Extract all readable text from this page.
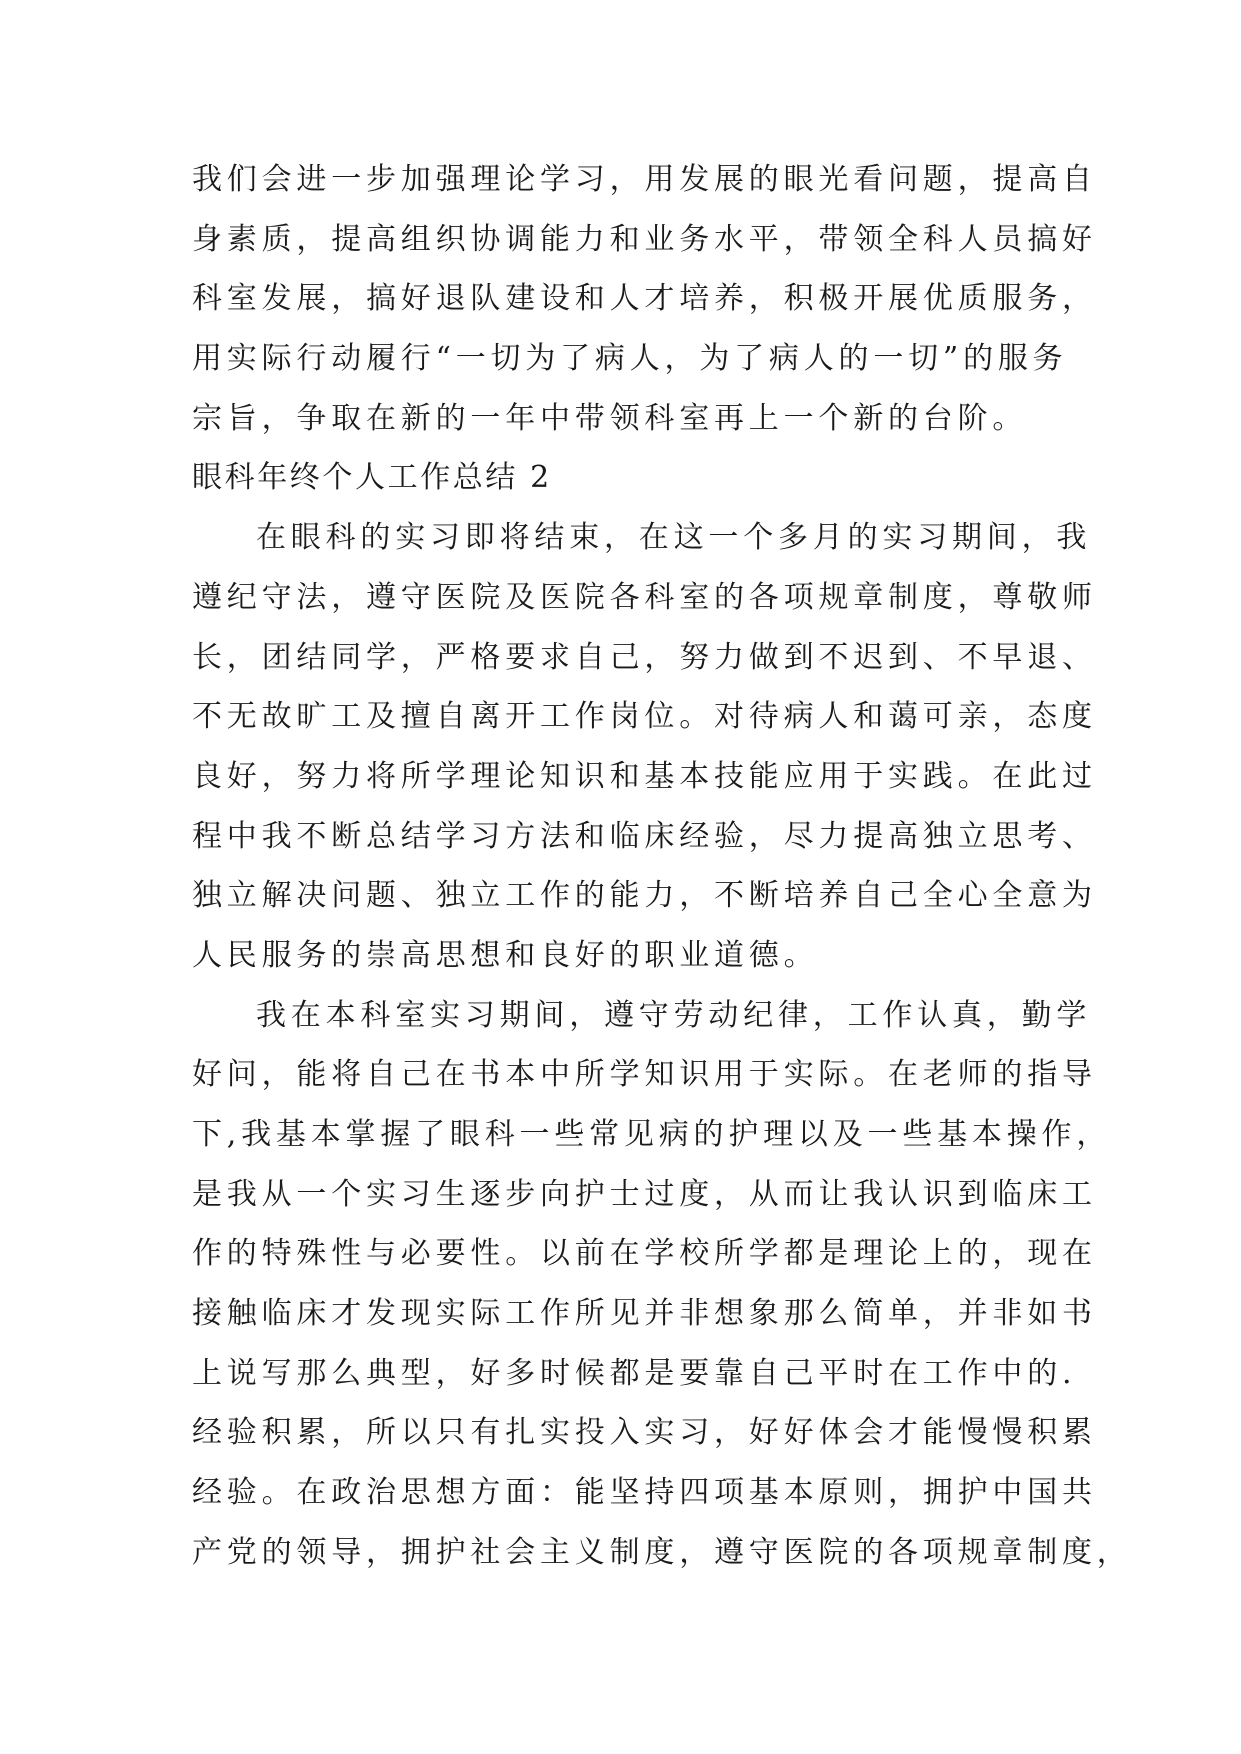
我们会进一步加强理论学习，用发展的眼光看问题，提高自
身素质，提高组织协调能力和业务水平，带领全科人员搞好
科室发展，搞好退队建设和人才培养，积极开展优质服务，
用实际行动履行“一切为了病人，为了病人的一切”的服务
宗旨，争取在新的一年中带领科室再上一个新的台阶。
眼科年终个人工作总结 2
在眼科的实习即将结束，在这一个多月的实习期间，我
遵纪守法，遵守医院及医院各科室的各项规章制度，尊敬师
长，团结同学，严格要求自己，努力做到不迟到、不早退、
不无故旷工及擅自离开工作岗位。对待病人和蔼可亲，态度
良好，努力将所学理论知识和基本技能应用于实践。在此过
程中我不断总结学习方法和临床经验，尽力提高独立思考、
独立解决问题、独立工作的能力，不断培养自己全心全意为
人民服务的崇高思想和良好的职业道德。
我在本科室实习期间，遵守劳动纪律，工作认真，勤学
好问，能将自己在书本中所学知识用于实际。在老师的指导
下,我基本掌握了眼科一些常见病的护理以及一些基本操作，
是我从一个实习生逐步向护士过度，从而让我认识到临床工
作的特殊性与必要性。以前在学校所学都是理论上的，现在
接触临床才发现实际工作所见并非想象那么简单，并非如书
上说写那么典型，好多时候都是要靠自己平时在工作中的.
经验积累，所以只有扎实投入实习，好好体会才能慢慢积累
经验。在政治思想方面：能坚持四项基本原则，拥护中国共
产党的领导，拥护社会主义制度，遵守医院的各项规章制度，
